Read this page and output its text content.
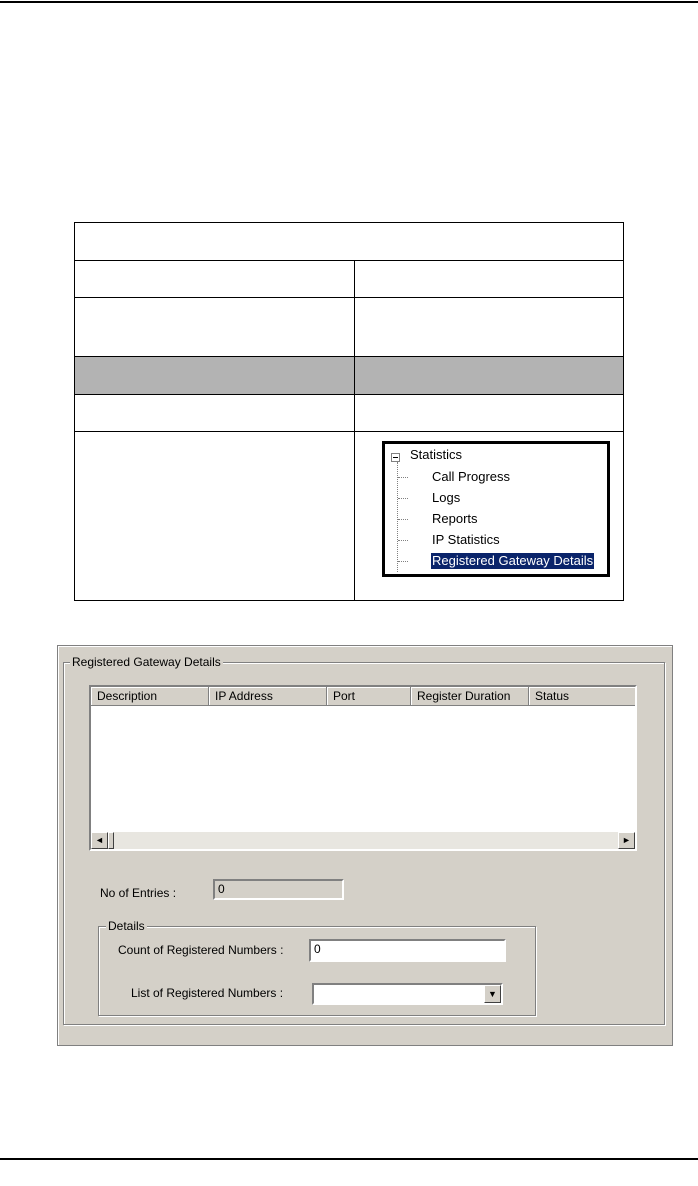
Statistics
Call Progress
Logs
Reports
IP Statistics
Registered Gateway Details
Registered Gateway Details
Description	IP Address	Port	Register Duration	Status
◄	►
No of Entries :	0
Details
Count of Registered Numbers :	0
List of Registered Numbers :	▼
